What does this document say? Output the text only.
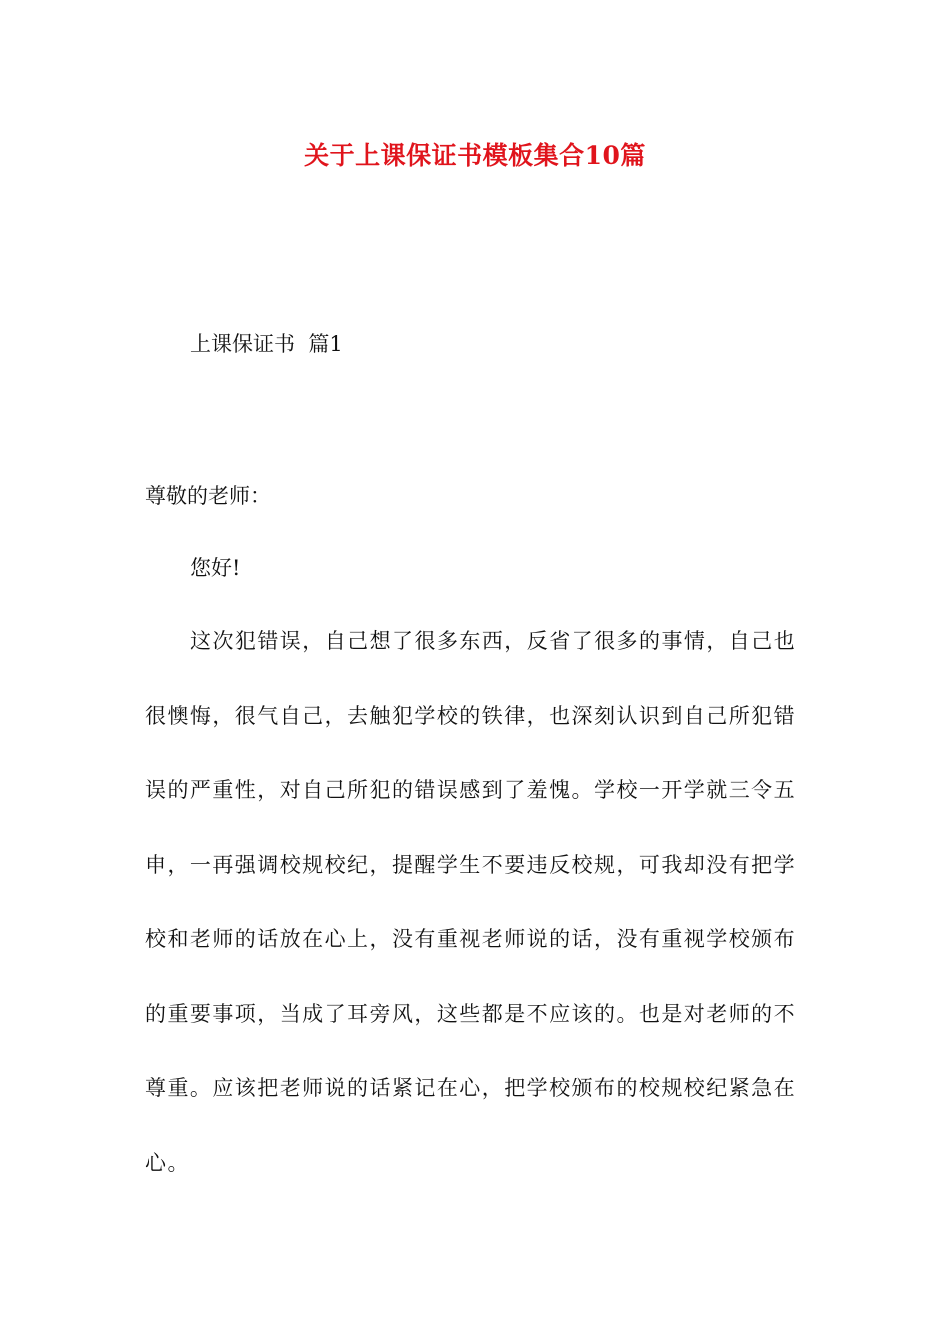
关于上课保证书模板集合10篇
上课保证书  篇1
尊敬的老师：
您好!
这次犯错误，自己想了很多东西，反省了很多的事情，自己也
很懊悔，很气自己，去触犯学校的铁律，也深刻认识到自己所犯错
误的严重性，对自己所犯的错误感到了羞愧。学校一开学就三令五
申，一再强调校规校纪，提醒学生不要违反校规，可我却没有把学
校和老师的话放在心上，没有重视老师说的话，没有重视学校颁布
的重要事项，当成了耳旁风，这些都是不应该的。也是对老师的不
尊重。应该把老师说的话紧记在心，把学校颁布的校规校纪紧急在
心。
